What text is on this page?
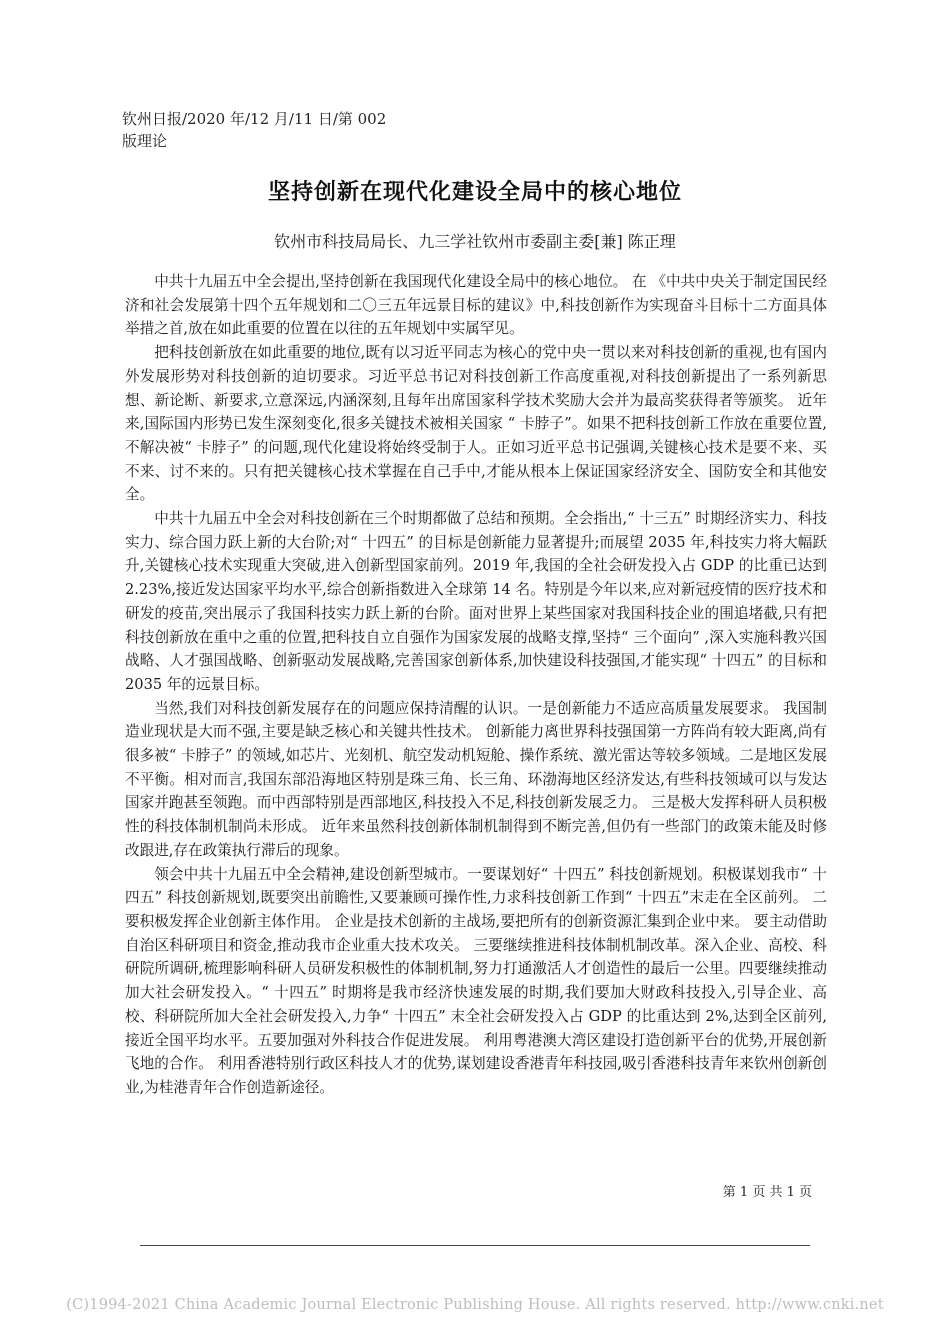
钦州日报/2020 年/12 月/11 日/第 002
版理论
坚持创新在现代化建设全局中的核心地位
钦州市科技局局长、九三学社钦州市委副主委[兼] 陈正理

中共十九届五中全会提出,坚持创新在我国现代化建设全局中的核心地位。 在 《中共中央关于制定国民经济和社会发展第十四个五年规划和二〇三五年远景目标的建议》中,科技创新作为实现奋斗目标十二方面具体举措之首,放在如此重要的位置在以往的五年规划中实属罕见。

把科技创新放在如此重要的地位,既有以习近平同志为核心的党中央一贯以来对科技创新的重视,也有国内外发展形势对科技创新的迫切要求。习近平总书记对科技创新工作高度重视,对科技创新提出了一系列新思想、新论断、新要求,立意深远,内涵深刻,且每年出席国家科学技术奖励大会并为最高奖获得者等颁奖。 近年来,国际国内形势已发生深刻变化,很多关键技术被相关国家 “ 卡脖子”。如果不把科技创新工作放在重要位置,不解决被“ 卡脖子” 的问题,现代化建设将始终受制于人。正如习近平总书记强调,关键核心技术是要不来、买不来、讨不来的。只有把关键核心技术掌握在自己手中,才能从根本上保证国家经济安全、国防安全和其他安全。

中共十九届五中全会对科技创新在三个时期都做了总结和预期。全会指出,“ 十三五” 时期经济实力、科技实力、综合国力跃上新的大台阶;对“ 十四五” 的目标是创新能力显著提升;而展望 2035 年,科技实力将大幅跃升,关键核心技术实现重大突破,进入创新型国家前列。2019 年,我国的全社会研发投入占 GDP 的比重已达到 2.23%,接近发达国家平均水平,综合创新指数进入全球第 14 名。特别是今年以来,应对新冠疫情的医疗技术和研发的疫苗,突出展示了我国科技实力跃上新的台阶。面对世界上某些国家对我国科技企业的围追堵截,只有把科技创新放在重中之重的位置,把科技自立自强作为国家发展的战略支撑,坚持“ 三个面向” ,深入实施科教兴国战略、人才强国战略、创新驱动发展战略,完善国家创新体系,加快建设科技强国,才能实现“ 十四五” 的目标和 2035 年的远景目标。

当然,我们对科技创新发展存在的问题应保持清醒的认识。一是创新能力不适应高质量发展要求。 我国制造业现状是大而不强,主要是缺乏核心和关键共性技术。 创新能力离世界科技强国第一方阵尚有较大距离,尚有很多被“ 卡脖子” 的领域,如芯片、光刻机、航空发动机短舱、操作系统、激光雷达等较多领域。二是地区发展不平衡。相对而言,我国东部沿海地区特别是珠三角、长三角、环渤海地区经济发达,有些科技领域可以与发达国家并跑甚至领跑。而中西部特别是西部地区,科技投入不足,科技创新发展乏力。 三是极大发挥科研人员积极性的科技体制机制尚未形成。 近年来虽然科技创新体制机制得到不断完善,但仍有一些部门的政策未能及时修改跟进,存在政策执行滞后的现象。

领会中共十九届五中全会精神,建设创新型城市。一要谋划好“ 十四五” 科技创新规划。积极谋划我市“ 十四五” 科技创新规划,既要突出前瞻性,又要兼顾可操作性,力求科技创新工作到“ 十四五”末走在全区前列。 二要积极发挥企业创新主体作用。 企业是技术创新的主战场,要把所有的创新资源汇集到企业中来。 要主动借助自治区科研项目和资金,推动我市企业重大技术攻关。 三要继续推进科技体制机制改革。深入企业、高校、科研院所调研,梳理影响科研人员研发积极性的体制机制,努力打通激活人才创造性的最后一公里。四要继续推动加大社会研发投入。“ 十四五” 时期将是我市经济快速发展的时期,我们要加大财政科技投入,引导企业、高校、科研院所加大全社会研发投入,力争“ 十四五” 末全社会研发投入占 GDP 的比重达到 2%,达到全区前列,接近全国平均水平。五要加强对外科技合作促进发展。 利用粤港澳大湾区建设打造创新平台的优势,开展创新飞地的合作。 利用香港特别行政区科技人才的优势,谋划建设香港青年科技园,吸引香港科技青年来钦州创新创业,为桂港青年合作创造新途径。

第 1 页 共 1 页
(C)1994-2021 China Academic Journal Electronic Publishing House. All rights reserved. http://www.cnki.net
